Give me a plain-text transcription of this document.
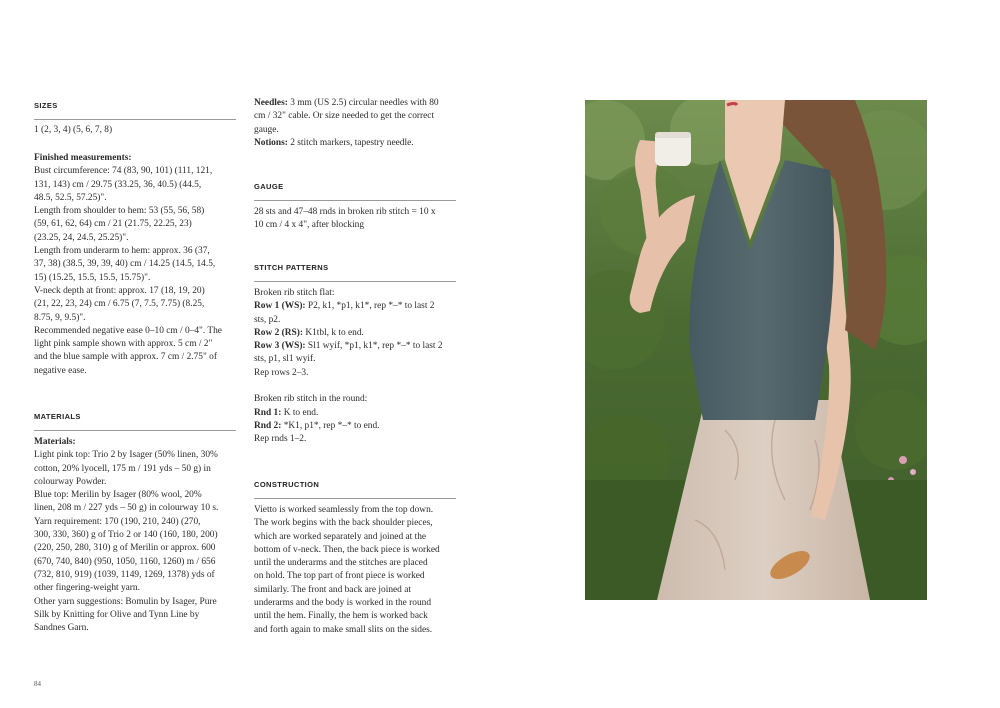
SIZES
1 (2, 3, 4) (5, 6, 7, 8)

Finished measurements:

Bust circumference: 74 (83, 90, 101) (111, 121,

131, 143) cm / 29.75 (33.25, 36, 40.5) (44.5,

48.5, 52.5, 57.25)".

Length from shoulder to hem: 53 (55, 56, 58)

(59, 61, 62, 64) cm / 21 (21.75, 22.25, 23)

(23.25, 24, 24.5, 25.25)".

Length from underarm to hem: approx. 36 (37,

37, 38) (38.5, 39, 39, 40) cm / 14.25 (14.5, 14.5,

15) (15.25, 15.5, 15.5, 15.75)".

V-neck depth at front: approx. 17 (18, 19, 20)

(21, 22, 23, 24) cm / 6.75 (7, 7.5, 7.75) (8.25,

8.75, 9, 9.5)".

Recommended negative ease 0–10 cm / 0–4". The

light pink sample shown with approx. 5 cm / 2"

and the blue sample with approx. 7 cm / 2.75" of

negative ease.

MATERIALS

Materials:

Light pink top: Trio 2 by Isager (50% linen, 30%

cotton, 20% lyocell, 175 m / 191 yds – 50 g) in

colourway Powder.

Blue top: Merilin by Isager (80% wool, 20%

linen, 208 m / 227 yds – 50 g) in colourway 10 s.

Yarn requirement: 170 (190, 210, 240) (270,

300, 330, 360) g of Trio 2 or 140 (160, 180, 200)

(220, 250, 280, 310) g of Merilin or approx. 600

(670, 740, 840) (950, 1050, 1160, 1260) m / 656

(732, 810, 919) (1039, 1149, 1269, 1378) yds of

other fingering-weight yarn.

Other yarn suggestions: Bomulin by Isager, Pure

Silk by Knitting for Olive and Tynn Line by

Sandnes Garn.

Needles: 3 mm (US 2.5) circular needles with 80

cm / 32" cable. Or size needed to get the correct

gauge.

Notions: 2 stitch markers, tapestry needle.

GAUGE

28 sts and 47–48 rnds in broken rib stitch = 10 x

10 cm / 4 x 4", after blocking

STITCH PATTERNS

Broken rib stitch flat:

Row 1 (WS): P2, k1, *p1, k1*, rep *–* to last 2

sts, p2.

Row 2 (RS): K1tbl, k to end.

Row 3 (WS): Sl1 wyif, *p1, k1*, rep *–* to last 2

sts, p1, sl1 wyif.

Rep rows 2–3.

Broken rib stitch in the round:

Rnd 1: K to end.

Rnd 2: *K1, p1*, rep *–* to end.

Rep rnds 1–2.

CONSTRUCTION

Vietto is worked seamlessly from the top down.

The work begins with the back shoulder pieces,

which are worked separately and joined at the

bottom of v-neck. Then, the back piece is worked

until the underarms and the stitches are placed

on hold. The top part of front piece is worked

similarly. The front and back are joined at

underarms and the body is worked in the round

until the hem. Finally, the hem is worked back

and forth again to make small slits on the sides.

84
